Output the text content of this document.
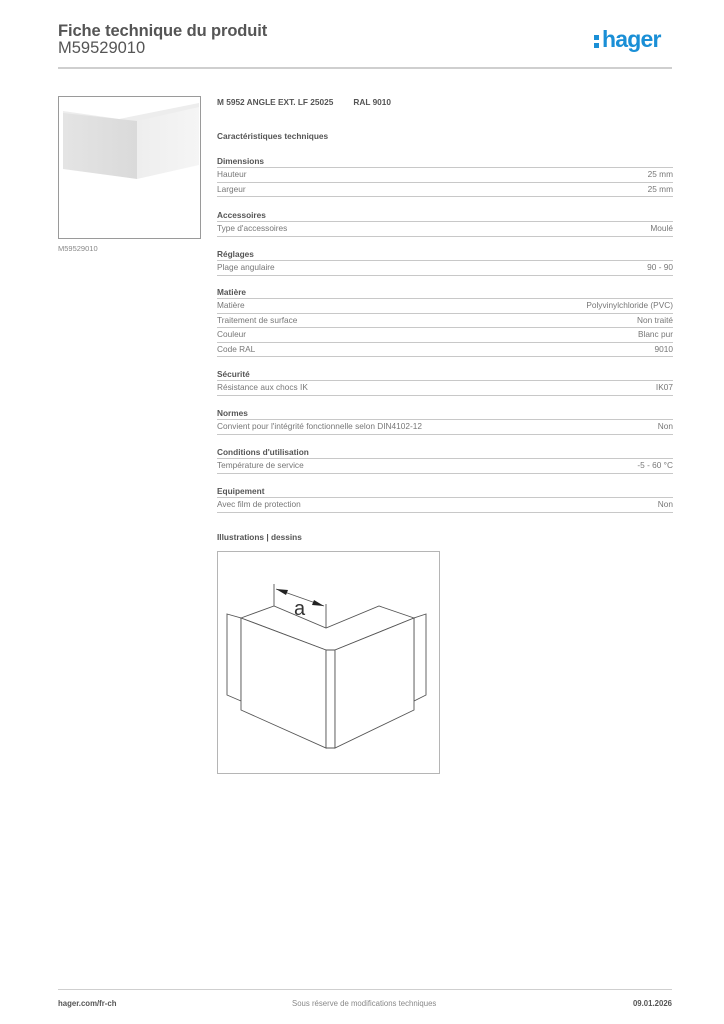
Fiche technique du produit
M59529010	hager
M59529010
M 5952 ANGLE EXT. LF 25025 RAL 9010
Caractéristiques techniques
Dimensions
Hauteur	25 mm
Largeur	25 mm
Accessoires
Type d'accessoires	Moulé
Réglages
Plage angulaire	90 - 90
Matière
Matière	Polyvinylchloride (PVC)
Traitement de surface	Non traité
Couleur	Blanc pur
Code RAL	9010
Sécurité
Résistance aux chocs IK	IK07
Normes
Convient pour l'intégrité fonctionnelle selon DIN4102-12	Non
Conditions d'utilisation
Température de service	-5 - 60 °C
Equipement
Avec film de protection	Non
Illustrations | dessins
a
hager.com/fr-ch	Sous réserve de modifications techniques	09.01.2026
